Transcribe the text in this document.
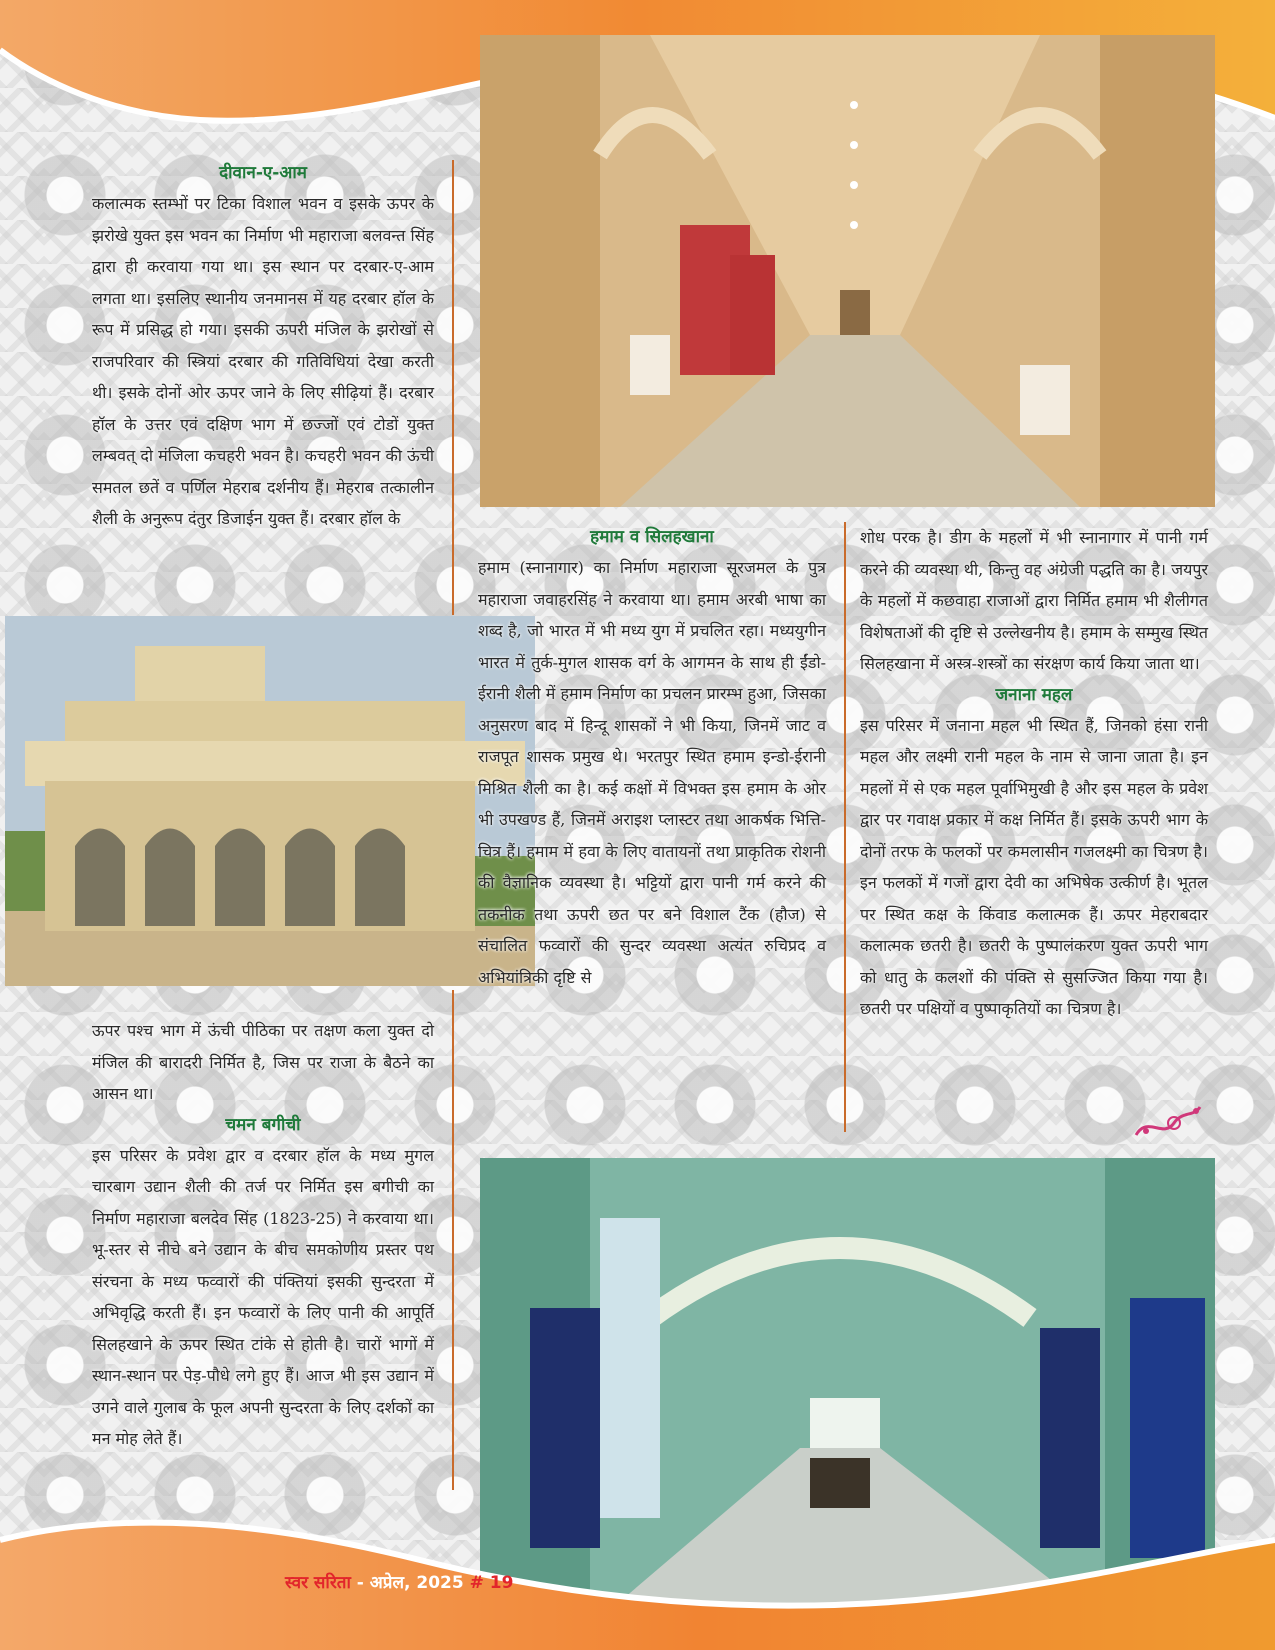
दीवान-ए-आम

कलात्मक स्तम्भों पर टिका विशाल भवन व इसके ऊपर के झरोखे युक्त इस भवन का निर्माण भी महाराजा बलवन्त सिंह द्वारा ही करवाया गया था। इस स्थान पर दरबार-ए-आम लगता था। इसलिए स्थानीय जनमानस में यह दरबार हॉल के रूप में प्रसिद्ध हो गया। इसकी ऊपरी मंजिल के झरोखों से राजपरिवार की स्त्रियां दरबार की गतिविधियां देखा करती थी। इसके दोनों ओर ऊपर जाने के लिए सीढ़ियां हैं। दरबार हॉल के उत्तर एवं दक्षिण भाग में छज्जों एवं टोडों युक्त लम्बवत् दो मंजिला कचहरी भवन है। कचहरी भवन की ऊंची समतल छतें व पर्णिल मेहराब दर्शनीय हैं। मेहराब तत्कालीन शैली के अनुरूप दंतुर डिजाईन युक्त हैं। दरबार हॉल के

ऊपर पश्च भाग में ऊंची पीठिका पर तक्षण कला युक्त दो मंजिल की बारादरी निर्मित है, जिस पर राजा के बैठने का आसन था।

चमन बगीची

इस परिसर के प्रवेश द्वार व दरबार हॉल के मध्य मुगल चारबाग उद्यान शैली की तर्ज पर निर्मित इस बगीची का निर्माण महाराजा बलदेव सिंह (1823-25) ने करवाया था। भू-स्तर से नीचे बने उद्यान के बीच समकोणीय प्रस्तर पथ संरचना के मध्य फव्वारों की पंक्तियां इसकी सुन्दरता में अभिवृद्धि करती हैं। इन फव्वारों के लिए पानी की आपूर्ति सिलहखाने के ऊपर स्थित टांके से होती है। चारों भागों में स्थान-स्थान पर पेड़-पौधे लगे हुए हैं। आज भी इस उद्यान में उगने वाले गुलाब के फूल अपनी सुन्दरता के लिए दर्शकों का मन मोह लेते हैं।

हमाम व सिलहखाना

हमाम (स्नानागार) का निर्माण महाराजा सूरजमल के पुत्र महाराजा जवाहरसिंह ने करवाया था। हमाम अरबी भाषा का शब्द है, जो भारत में भी मध्य युग में प्रचलित रहा। मध्ययुगीन भारत में तुर्क-मुगल शासक वर्ग के आगमन के साथ ही ईंडो-ईरानी शैली में हमाम निर्माण का प्रचलन प्रारम्भ हुआ, जिसका अनुसरण बाद में हिन्दू शासकों ने भी किया, जिनमें जाट व राजपूत शासक प्रमुख थे। भरतपुर स्थित हमाम इन्डो-ईरानी मिश्रित शैली का है। कई कक्षों में विभक्त इस हमाम के ओर भी उपखण्ड हैं, जिनमें अराइश प्लास्टर तथा आकर्षक भित्ति-चित्र हैं। हमाम में हवा के लिए वातायनों तथा प्राकृतिक रोशनी की वैज्ञानिक व्यवस्था है। भट्टियों द्वारा पानी गर्म करने की तकनीक तथा ऊपरी छत पर बने विशाल टैंक (हौज) से संचालित फव्वारों की सुन्दर व्यवस्था अत्यंत रुचिप्रद व अभियांत्रिकी दृष्टि से

शोध परक है। डीग के महलों में भी स्नानागार में पानी गर्म करने की व्यवस्था थी, किन्तु वह अंग्रेजी पद्धति का है। जयपुर के महलों में कछवाहा राजाओं द्वारा निर्मित हमाम भी शैलीगत विशेषताओं की दृष्टि से उल्लेखनीय है। हमाम के सम्मुख स्थित सिलहखाना में अस्त्र-शस्त्रों का संरक्षण कार्य किया जाता था।

जनाना महल

इस परिसर में जनाना महल भी स्थित हैं, जिनको हंसा रानी महल और लक्ष्मी रानी महल के नाम से जाना जाता है। इन महलों में से एक महल पूर्वाभिमुखी है और इस महल के प्रवेश द्वार पर गवाक्ष प्रकार में कक्ष निर्मित हैं। इसके ऊपरी भाग के दोनों तरफ के फलकों पर कमलासीन गजलक्ष्मी का चित्रण है। इन फलकों में गजों द्वारा देवी का अभिषेक उत्कीर्ण है। भूतल पर स्थित कक्ष के किंवाड कलात्मक हैं। ऊपर मेहराबदार कलात्मक छतरी है। छतरी के पुष्पालंकरण युक्त ऊपरी भाग को धातु के कलशों की पंक्ति से सुसज्जित किया गया है। छतरी पर पक्षियों व पुष्पाकृतियों का चित्रण है।

स्वर सरिता - अप्रेल, 2025 # 19
